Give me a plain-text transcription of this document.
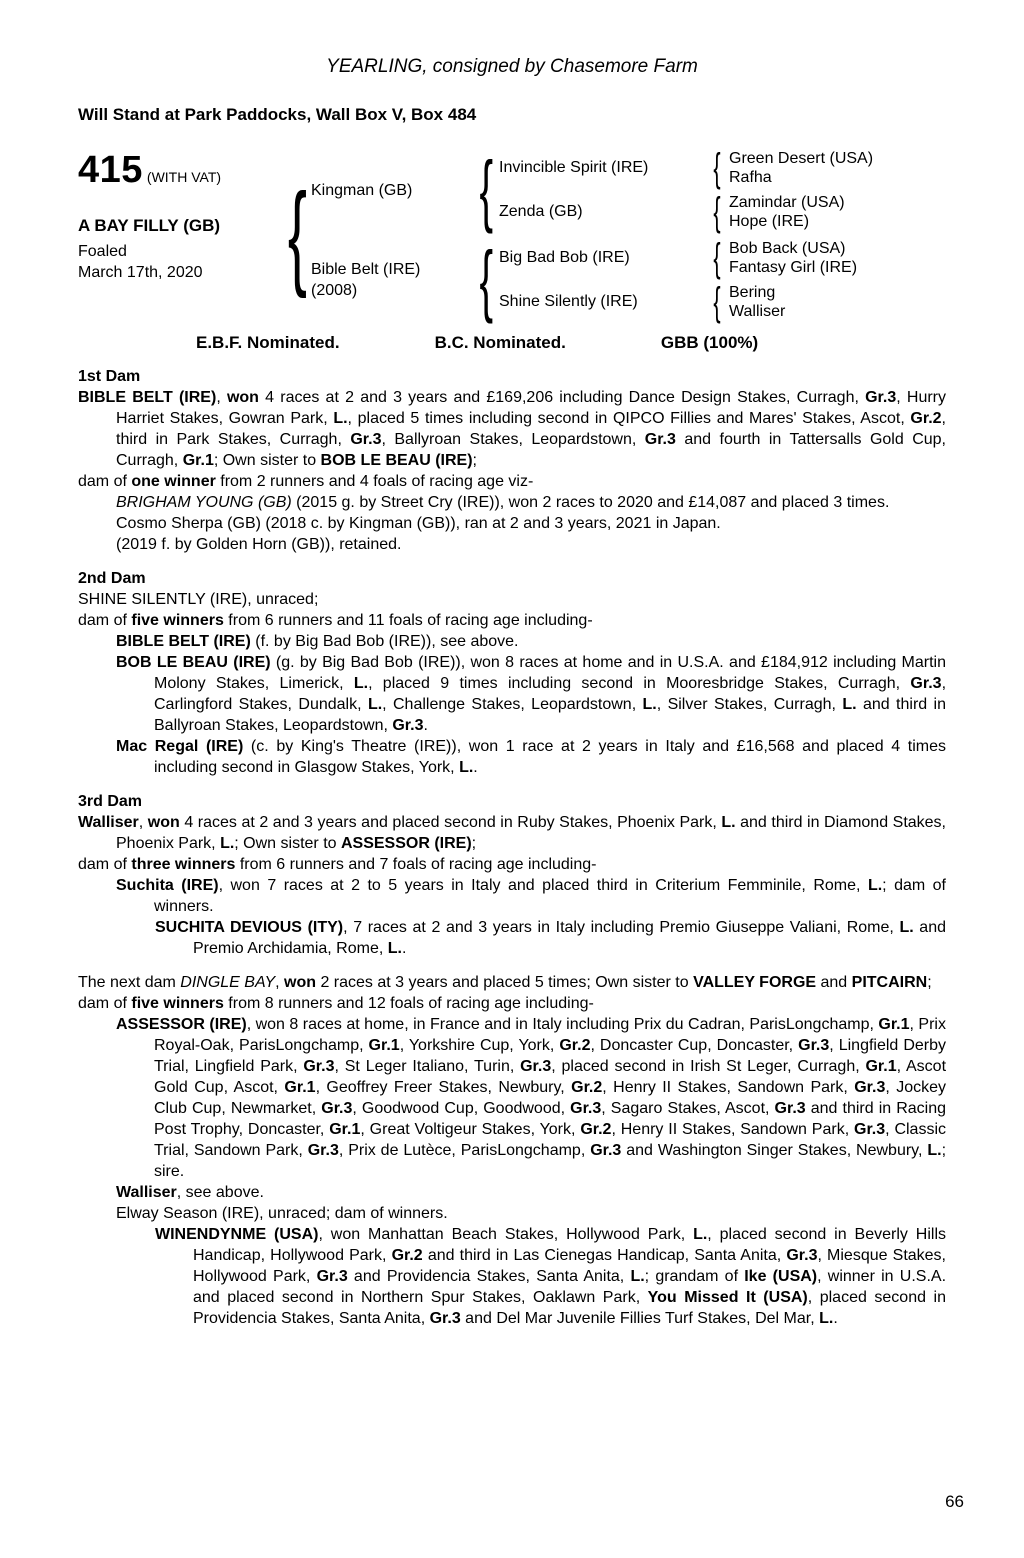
YEARLING, consigned by Chasemore Farm
Will Stand at Park Paddocks, Wall Box V, Box 484
415 (WITH VAT)
A BAY FILLY (GB)
Foaled
March 17th, 2020
{
Kingman (GB)
{
Invincible Spirit (IRE)
{
Green Desert (USA)
Rafha
Zenda (GB)
{
Zamindar (USA)
Hope (IRE)
Bible Belt (IRE)
(2008)
{
Big Bad Bob (IRE)
{
Bob Back (USA)
Fantasy Girl (IRE)
Shine Silently (IRE)
{
Bering
Walliser
E.B.F. Nominated.	B.C. Nominated.	GBB (100%)
1st Dam

BIBLE BELT (IRE), won 4 races at 2 and 3 years and £169,206 including Dance Design Stakes, Curragh, Gr.3, Hurry Harriet Stakes, Gowran Park, L., placed 5 times including second in QIPCO Fillies and Mares' Stakes, Ascot, Gr.2, third in Park Stakes, Curragh, Gr.3, Ballyroan Stakes, Leopardstown, Gr.3 and fourth in Tattersalls Gold Cup, Curragh, Gr.1; Own sister to BOB LE BEAU (IRE);

dam of one winner from 2 runners and 4 foals of racing age viz-

BRIGHAM YOUNG (GB) (2015 g. by Street Cry (IRE)), won 2 races to 2020 and £14,087 and placed 3 times.

Cosmo Sherpa (GB) (2018 c. by Kingman (GB)), ran at 2 and 3 years, 2021 in Japan.

(2019 f. by Golden Horn (GB)), retained.

2nd Dam

SHINE SILENTLY (IRE), unraced;

dam of five winners from 6 runners and 11 foals of racing age including-

BIBLE BELT (IRE) (f. by Big Bad Bob (IRE)), see above.

BOB LE BEAU (IRE) (g. by Big Bad Bob (IRE)), won 8 races at home and in U.S.A. and £184,912 including Martin Molony Stakes, Limerick, L., placed 9 times including second in Mooresbridge Stakes, Curragh, Gr.3, Carlingford Stakes, Dundalk, L., Challenge Stakes, Leopardstown, L., Silver Stakes, Curragh, L. and third in Ballyroan Stakes, Leopardstown, Gr.3.

Mac Regal (IRE) (c. by King's Theatre (IRE)), won 1 race at 2 years in Italy and £16,568 and placed 4 times including second in Glasgow Stakes, York, L..

3rd Dam

Walliser, won 4 races at 2 and 3 years and placed second in Ruby Stakes, Phoenix Park, L. and third in Diamond Stakes, Phoenix Park, L.; Own sister to ASSESSOR (IRE);

dam of three winners from 6 runners and 7 foals of racing age including-

Suchita (IRE), won 7 races at 2 to 5 years in Italy and placed third in Criterium Femminile, Rome, L.; dam of winners.

SUCHITA DEVIOUS (ITY), 7 races at 2 and 3 years in Italy including Premio Giuseppe Valiani, Rome, L. and Premio Archidamia, Rome, L..

The next dam DINGLE BAY, won 2 races at 3 years and placed 5 times; Own sister to VALLEY FORGE and PITCAIRN;

dam of five winners from 8 runners and 12 foals of racing age including-

ASSESSOR (IRE), won 8 races at home, in France and in Italy including Prix du Cadran, ParisLongchamp, Gr.1, Prix Royal-Oak, ParisLongchamp, Gr.1, Yorkshire Cup, York, Gr.2, Doncaster Cup, Doncaster, Gr.3, Lingfield Derby Trial, Lingfield Park, Gr.3, St Leger Italiano, Turin, Gr.3, placed second in Irish St Leger, Curragh, Gr.1, Ascot Gold Cup, Ascot, Gr.1, Geoffrey Freer Stakes, Newbury, Gr.2, Henry II Stakes, Sandown Park, Gr.3, Jockey Club Cup, Newmarket, Gr.3, Goodwood Cup, Goodwood, Gr.3, Sagaro Stakes, Ascot, Gr.3 and third in Racing Post Trophy, Doncaster, Gr.1, Great Voltigeur Stakes, York, Gr.2, Henry II Stakes, Sandown Park, Gr.3, Classic Trial, Sandown Park, Gr.3, Prix de Lutèce, ParisLongchamp, Gr.3 and Washington Singer Stakes, Newbury, L.; sire.

Walliser, see above.

Elway Season (IRE), unraced; dam of winners.

WINENDYNME (USA), won Manhattan Beach Stakes, Hollywood Park, L., placed second in Beverly Hills Handicap, Hollywood Park, Gr.2 and third in Las Cienegas Handicap, Santa Anita, Gr.3, Miesque Stakes, Hollywood Park, Gr.3 and Providencia Stakes, Santa Anita, L.; grandam of Ike (USA), winner in U.S.A. and placed second in Northern Spur Stakes, Oaklawn Park, You Missed It (USA), placed second in Providencia Stakes, Santa Anita, Gr.3 and Del Mar Juvenile Fillies Turf Stakes, Del Mar, L..

66
